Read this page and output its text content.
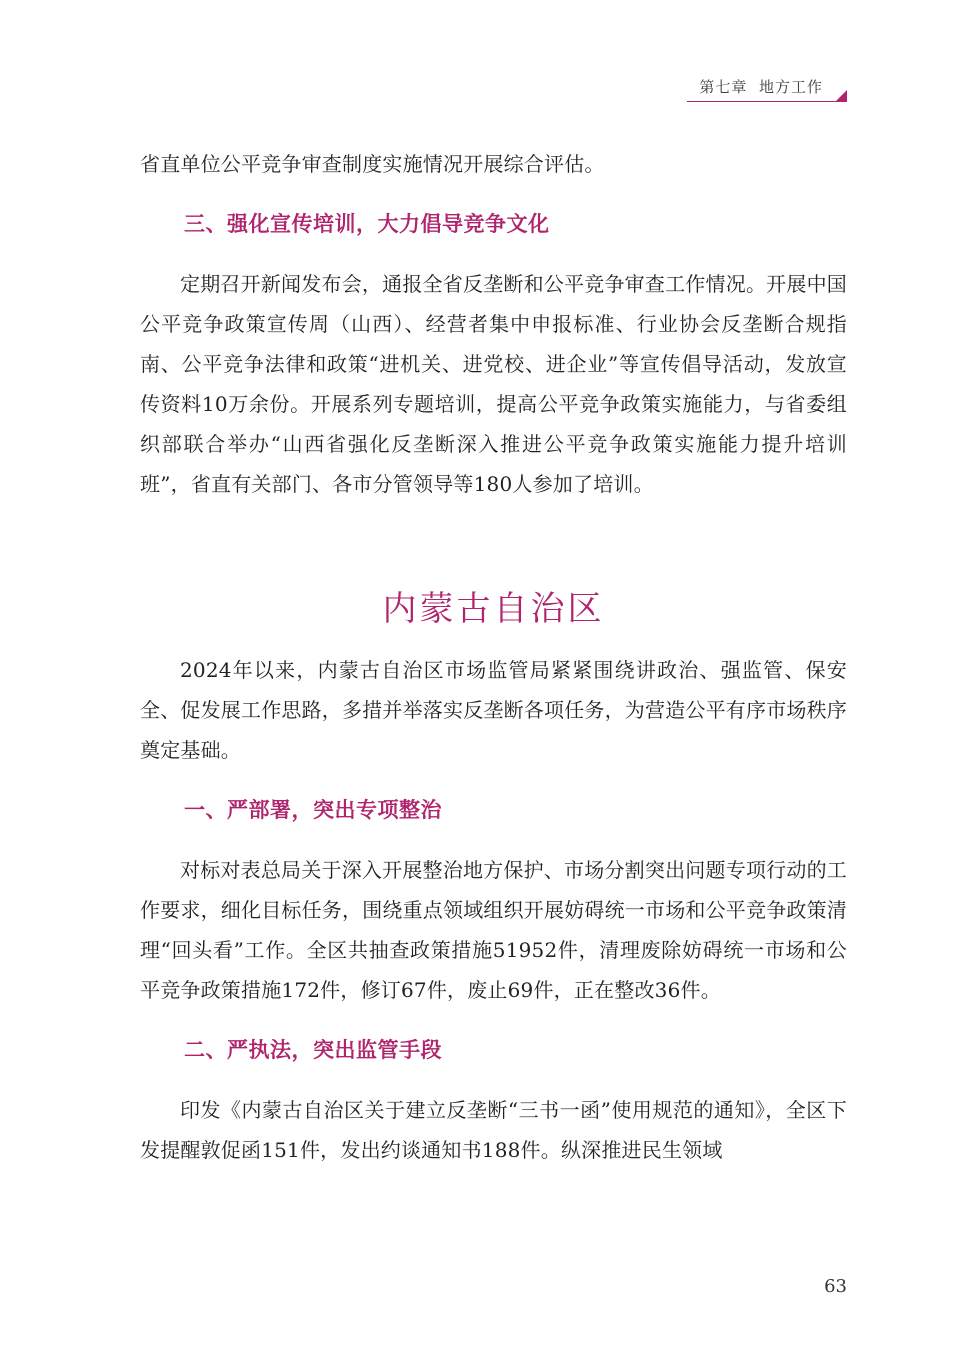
第七章 地方工作

省直单位公平竞争审查制度实施情况开展综合评估。

三、强化宣传培训，大力倡导竞争文化

定期召开新闻发布会，通报全省反垄断和公平竞争审查工作情况。开展中国公平竞争政策宣传周（山西）、经营者集中申报标准、行业协会反垄断合规指南、公平竞争法律和政策“进机关、进党校、进企业”等宣传倡导活动，发放宣传资料10万余份。开展系列专题培训，提高公平竞争政策实施能力，与省委组织部联合举办“山西省强化反垄断深入推进公平竞争政策实施能力提升培训班”，省直有关部门、各市分管领导等180人参加了培训。

内蒙古自治区

2024年以来，内蒙古自治区市场监管局紧紧围绕讲政治、强监管、保安全、促发展工作思路，多措并举落实反垄断各项任务，为营造公平有序市场秩序奠定基础。

一、严部署，突出专项整治

对标对表总局关于深入开展整治地方保护、市场分割突出问题专项行动的工作要求，细化目标任务，围绕重点领域组织开展妨碍统一市场和公平竞争政策清理“回头看”工作。全区共抽查政策措施51952件，清理废除妨碍统一市场和公平竞争政策措施172件，修订67件，废止69件，正在整改36件。

二、严执法，突出监管手段

印发《内蒙古自治区关于建立反垄断“三书一函”使用规范的通知》，全区下发提醒敦促函151件，发出约谈通知书188件。纵深推进民生领域

63
